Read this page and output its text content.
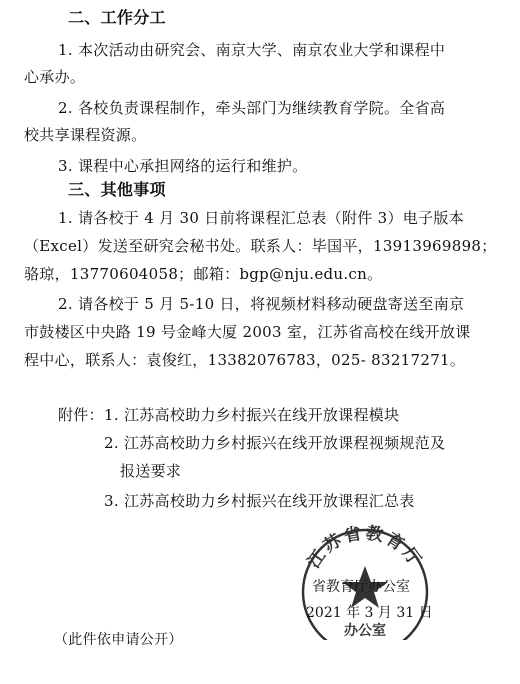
二、工作分工
1. 本次活动由研究会、南京大学、南京农业大学和课程中
心承办。
2. 各校负责课程制作，牵头部门为继续教育学院。全省高
校共享课程资源。
3. 课程中心承担网络的运行和维护。
三、其他事项
1. 请各校于 4 月 30 日前将课程汇总表（附件 3）电子版本
（Excel）发送至研究会秘书处。联系人：毕国平，13913969898；
骆琼，13770604058；邮箱：bgp@nju.edu.cn。
2. 请各校于 5 月 5-10 日，将视频材料移动硬盘寄送至南京
市鼓楼区中央路 19 号金峰大厦 2003 室，江苏省高校在线开放课
程中心，联系人：袁俊红，13382076783，025- 83217271。
附件： 1. 江苏高校助力乡村振兴在线开放课程模块
2. 江苏高校助力乡村振兴在线开放课程视频规范及
报送要求
3. 江苏高校助力乡村振兴在线开放课程汇总表
江苏省教育厅
办公室
省教育厅办公室
2021 年 3 月 31 日
（此件依申请公开）
